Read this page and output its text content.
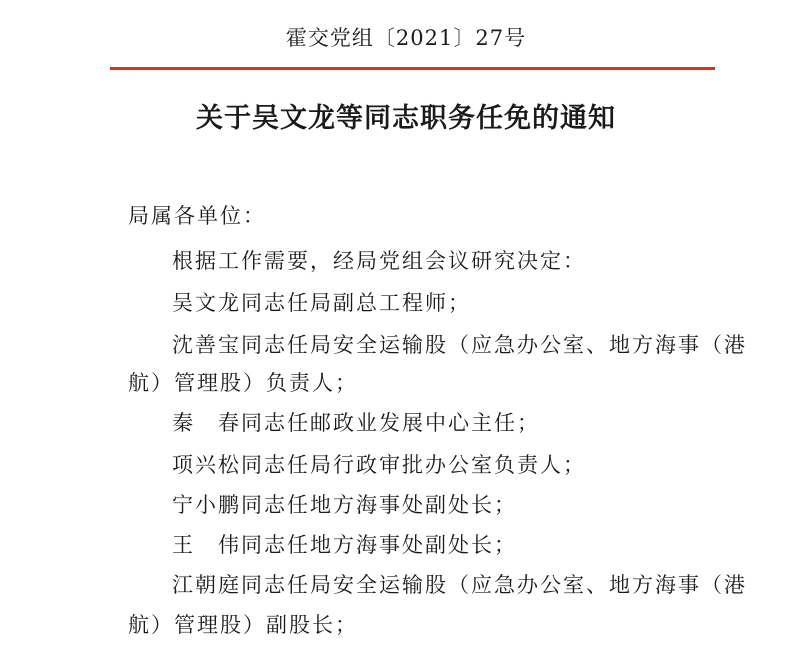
霍交党组〔2021〕27号
关于吴文龙等同志职务任免的通知
局属各单位：
根据工作需要，经局党组会议研究决定：
吴文龙同志任局副总工程师；
沈善宝同志任局安全运输股（应急办公室、地方海事（港
航）管理股）负责人；
秦　春同志任邮政业发展中心主任；
项兴松同志任局行政审批办公室负责人；
宁小鹏同志任地方海事处副处长；
王　伟同志任地方海事处副处长；
江朝庭同志任局安全运输股（应急办公室、地方海事（港
航）管理股）副股长；
